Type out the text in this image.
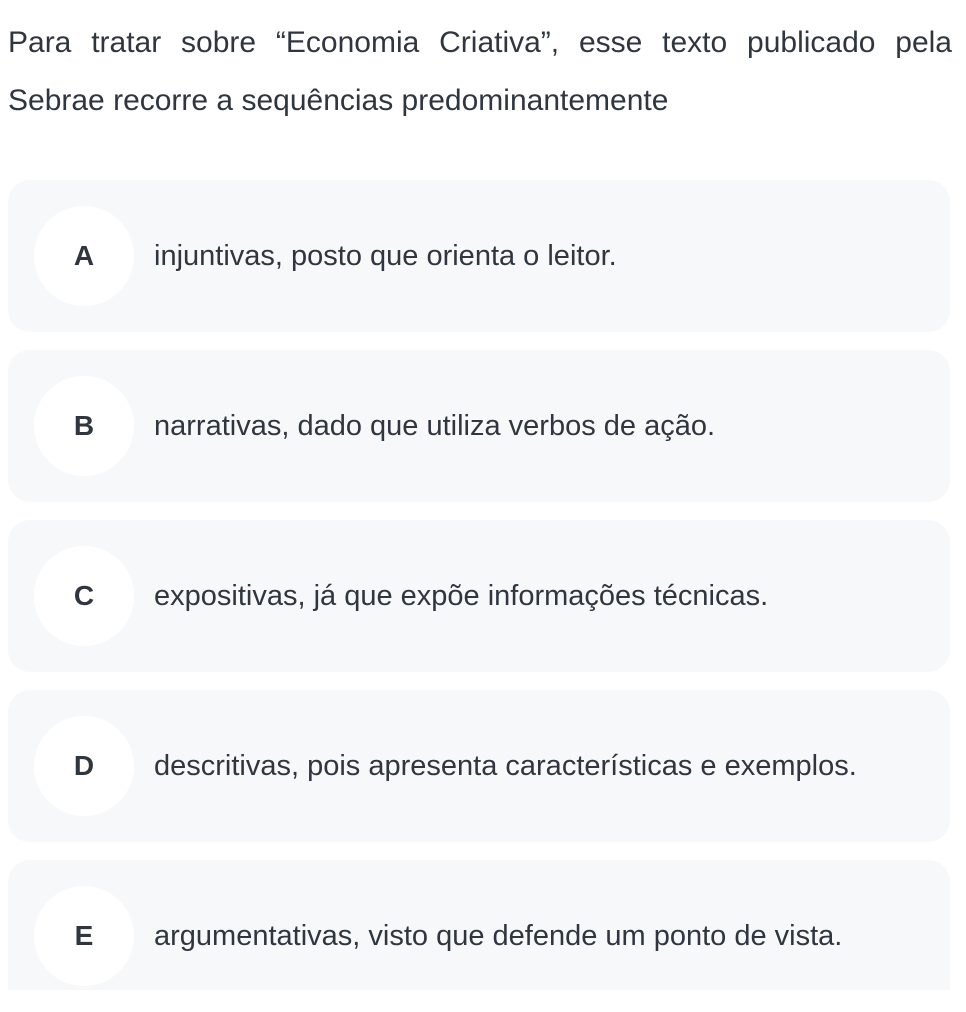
Para tratar sobre “Economia Criativa”, esse texto publicado pela Sebrae recorre a sequências predominantemente

A	injuntivas, posto que orienta o leitor.
B	narrativas, dado que utiliza verbos de ação.
C	expositivas, já que expõe informações técnicas.
D	descritivas, pois apresenta características e exemplos.
E	argumentativas, visto que defende um ponto de vista.
